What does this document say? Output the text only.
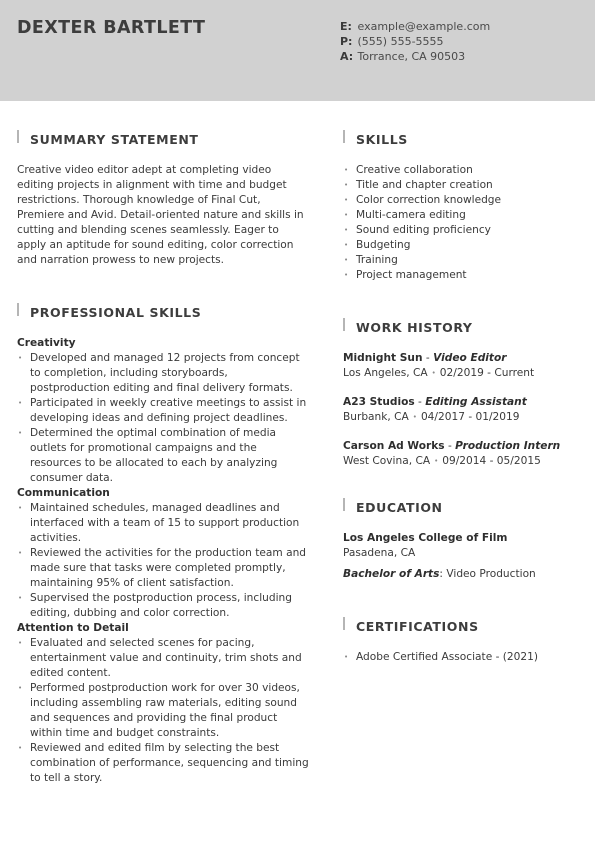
DEXTER BARTLETT	E: example@example.com
P: (555) 555-5555
A: Torrance, CA 90503
SUMMARY STATEMENT

Creative video editor adept at completing video editing projects in alignment with time and budget restrictions. Thorough knowledge of Final Cut, Premiere and Avid. Detail-oriented nature and skills in cutting and blending scenes seamlessly. Eager to apply an aptitude for sound editing, color correction and narration prowess to new projects.

PROFESSIONAL SKILLS
Creativity
• Developed and managed 12 projects from concept to completion, including storyboards, postproduction editing and final delivery formats.
• Participated in weekly creative meetings to assist in developing ideas and defining project deadlines.
• Determined the optimal combination of media outlets for promotional campaigns and the resources to be allocated to each by analyzing consumer data.
Communication
• Maintained schedules, managed deadlines and interfaced with a team of 15 to support production activities.
• Reviewed the activities for the production team and made sure that tasks were completed promptly, maintaining 95% of client satisfaction.
• Supervised the postproduction process, including editing, dubbing and color correction.
Attention to Detail
• Evaluated and selected scenes for pacing, entertainment value and continuity, trim shots and edited content.
• Performed postproduction work for over 30 videos, including assembling raw materials, editing sound and sequences and providing the final product within time and budget constraints.
• Reviewed and edited film by selecting the best combination of performance, sequencing and timing to tell a story.
SKILLS
• Creative collaboration
• Title and chapter creation
• Color correction knowledge
• Multi-camera editing
• Sound editing proficiency
• Budgeting
• Training
• Project management
WORK HISTORY
Midnight Sun - Video Editor
Los Angeles, CA • 02/2019 - Current
A23 Studios - Editing Assistant
Burbank, CA • 04/2017 - 01/2019
Carson Ad Works - Production Intern
West Covina, CA • 09/2014 - 05/2015
EDUCATION
Los Angeles College of Film
Pasadena, CA
Bachelor of Arts: Video Production
CERTIFICATIONS
• Adobe Certified Associate - (2021)
